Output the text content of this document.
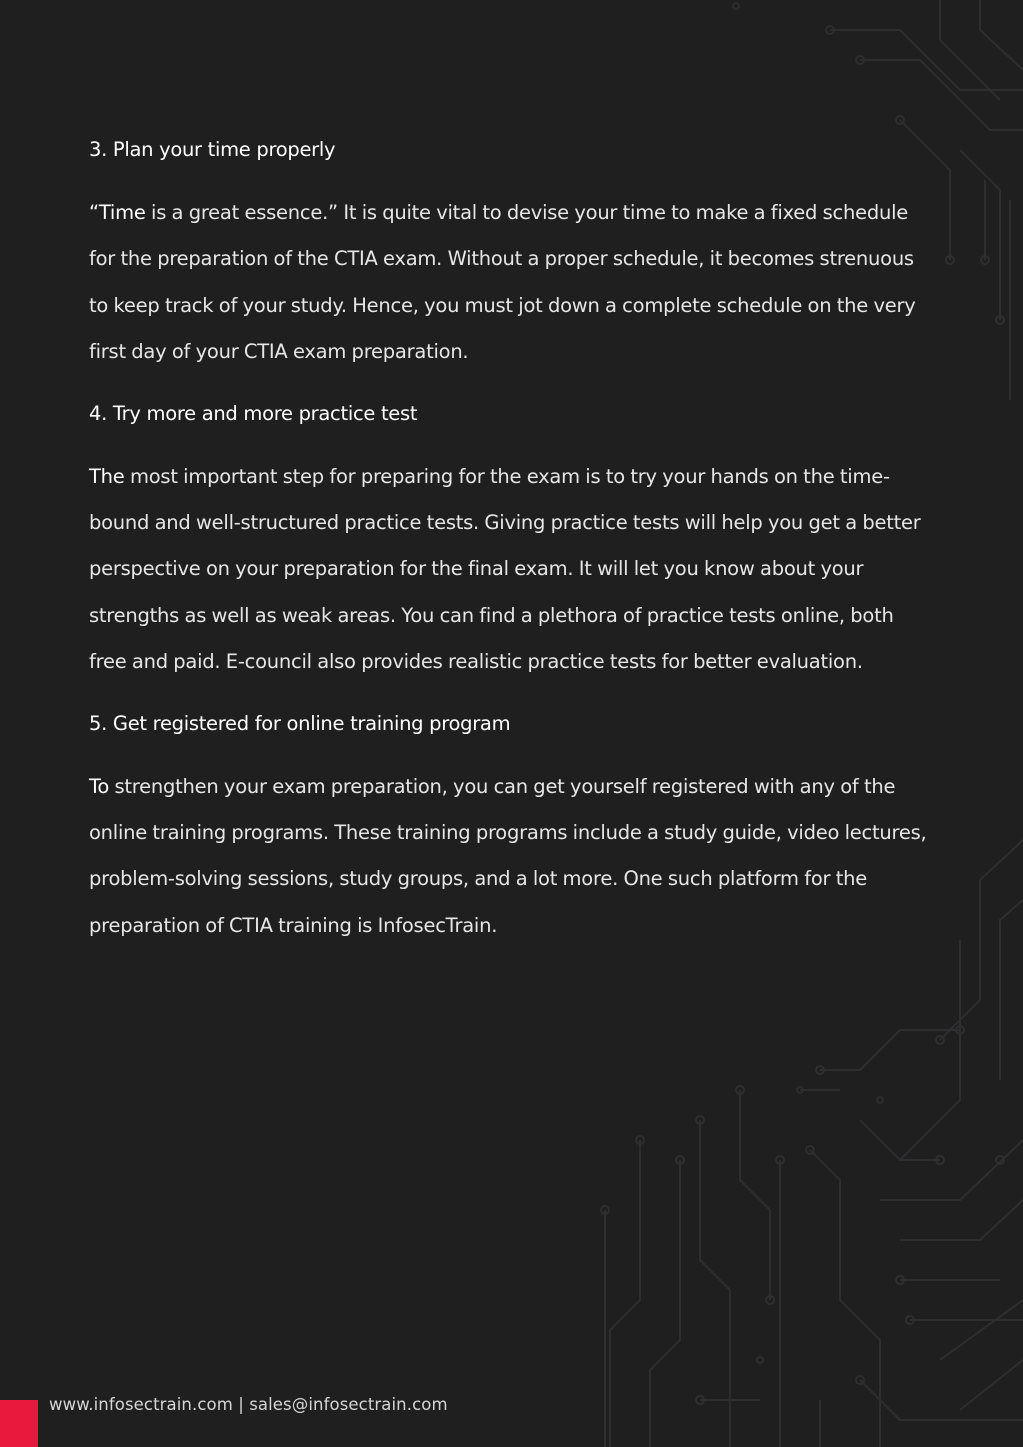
3. Plan your time properly

“Time is a great essence.” It is quite vital to devise your time to make a fixed schedule for the preparation of the CTIA exam. Without a proper schedule, it becomes strenuous to keep track of your study. Hence, you must jot down a complete schedule on the very first day of your CTIA exam preparation.

4. Try more and more practice test

The most important step for preparing for the exam is to try your hands on the time-bound and well-structured practice tests. Giving practice tests will help you get a better perspective on your preparation for the final exam. It will let you know about your strengths as well as weak areas. You can find a plethora of practice tests online, both free and paid. E-council also provides realistic practice tests for better evaluation.

5. Get registered for online training program

To strengthen your exam preparation, you can get yourself registered with any of the online training programs. These training programs include a study guide, video lectures, problem-solving sessions, study groups, and a lot more. One such platform for the preparation of CTIA training is InfosecTrain.

www.infosectrain.com | sales@infosectrain.com
